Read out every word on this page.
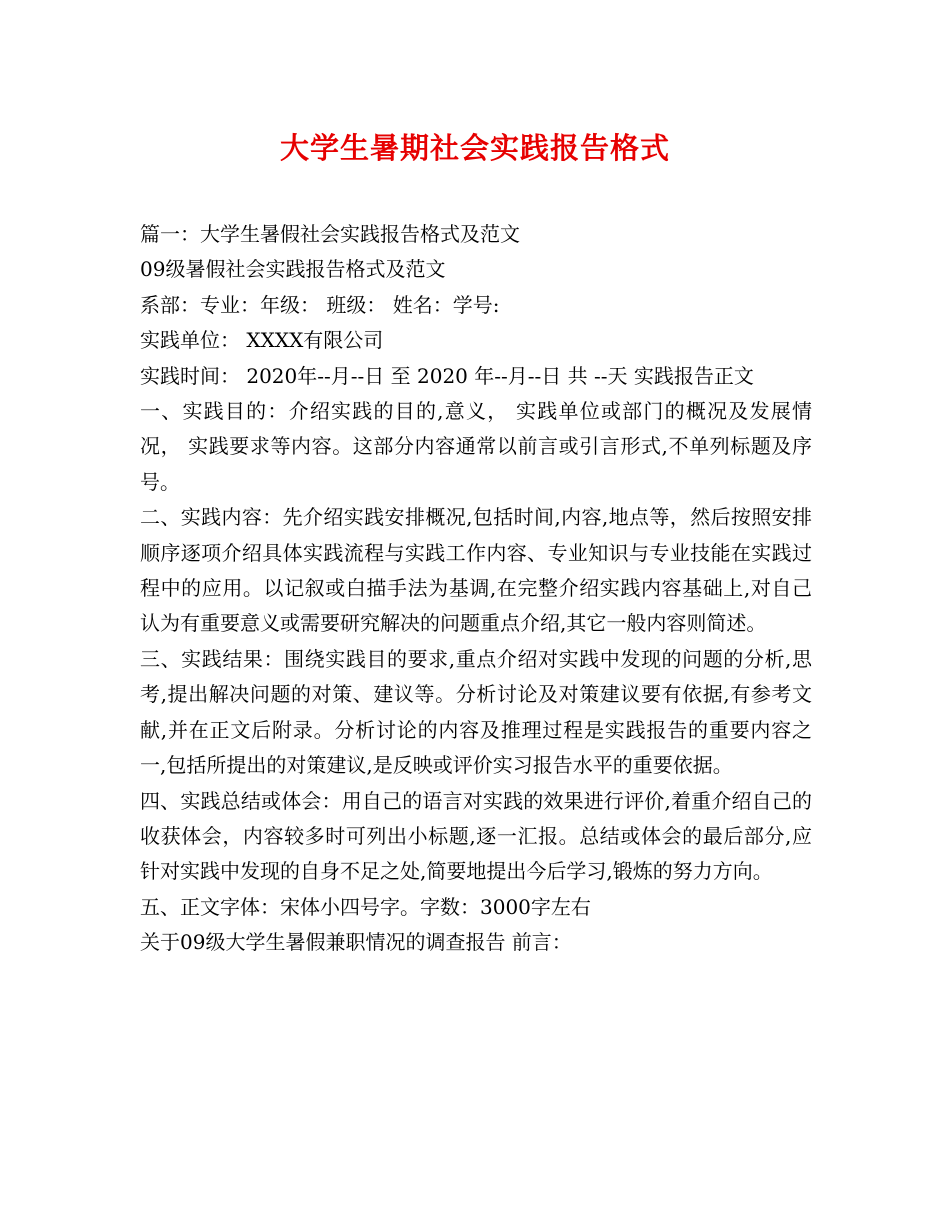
大学生暑期社会实践报告格式

篇一：大学生暑假社会实践报告格式及范文

09级暑假社会实践报告格式及范文

系部：专业：年级： 班级： 姓名：学号:

实践单位： XXXX有限公司

实践时间： 2020年--月--日 至 2020 年--月--日 共 --天 实践报告正文

一、实践目的：介绍实践的目的,意义， 实践单位或部门的概况及发展情况， 实践要求等内容。这部分内容通常以前言或引言形式,不单列标题及序号。

二、实践内容：先介绍实践安排概况,包括时间,内容,地点等，然后按照安排顺序逐项介绍具体实践流程与实践工作内容、专业知识与专业技能在实践过程中的应用。以记叙或白描手法为基调,在完整介绍实践内容基础上,对自己认为有重要意义或需要研究解决的问题重点介绍,其它一般内容则简述。

三、实践结果：围绕实践目的要求,重点介绍对实践中发现的问题的分析,思考,提出解决问题的对策、建议等。分析讨论及对策建议要有依据,有参考文献,并在正文后附录。分析讨论的内容及推理过程是实践报告的重要内容之一,包括所提出的对策建议,是反映或评价实习报告水平的重要依据。

四、实践总结或体会：用自己的语言对实践的效果进行评价,着重介绍自己的收获体会，内容较多时可列出小标题,逐一汇报。总结或体会的最后部分,应针对实践中发现的自身不足之处,简要地提出今后学习,锻炼的努力方向。

五、正文字体：宋体小四号字。字数：3000字左右

关于09级大学生暑假兼职情况的调查报告 前言：
